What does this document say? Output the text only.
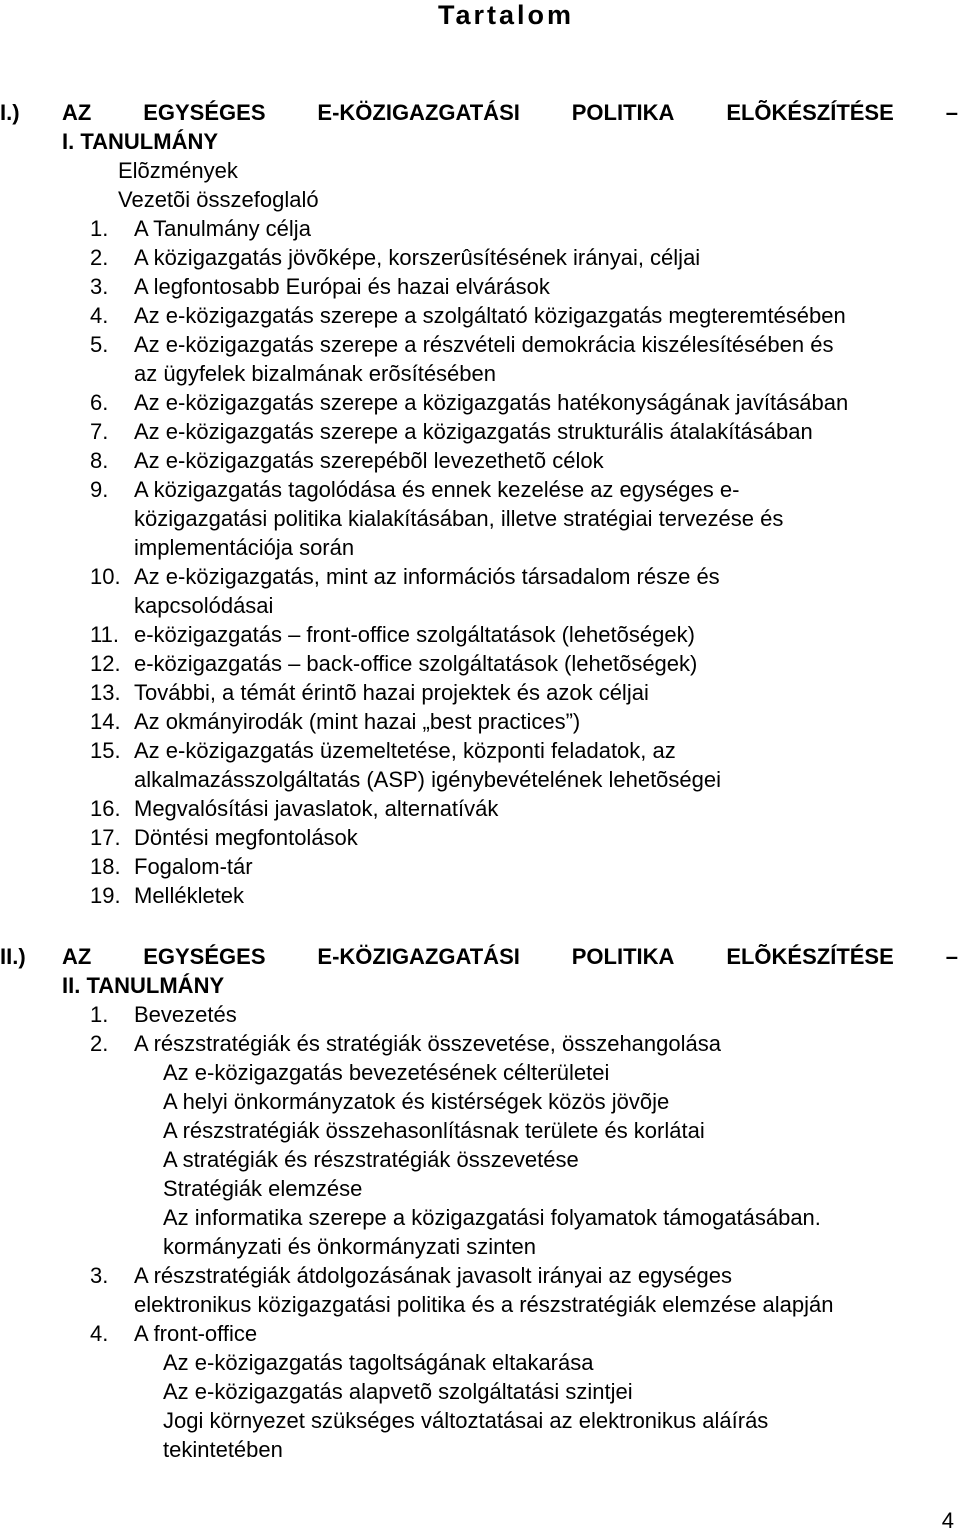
Tartalom
I.) AZ EGYSÉGES E-KÖZIGAZGATÁSI POLITIKA ELÕKÉSZÍTÉSE –
I. TANULMÁNY
Elõzmények
Vezetõi összefoglaló
1. A Tanulmány célja
2. A közigazgatás jövõképe, korszerûsítésének irányai, céljai
3. A legfontosabb Európai és hazai elvárások
4. Az e-közigazgatás szerepe a szolgáltató közigazgatás megteremtésében
5. Az e-közigazgatás szerepe a részvételi demokrácia kiszélesítésében és
az ügyfelek bizalmának erõsítésében
6. Az e-közigazgatás szerepe a közigazgatás hatékonyságának javításában
7. Az e-közigazgatás szerepe a közigazgatás strukturális átalakításában
8. Az e-közigazgatás szerepébõl levezethetõ célok
9. A közigazgatás tagolódása és ennek kezelése az egységes e-
közigazgatási politika kialakításában, illetve stratégiai tervezése és
implementációja során
10. Az e-közigazgatás, mint az információs társadalom része és
kapcsolódásai
11. e-közigazgatás – front-office szolgáltatások (lehetõségek)
12. e-közigazgatás – back-office szolgáltatások (lehetõségek)
13. További, a témát érintõ hazai projektek és azok céljai
14. Az okmányirodák (mint hazai „best practices”)
15. Az e-közigazgatás üzemeltetése, központi feladatok, az
alkalmazásszolgáltatás (ASP) igénybevételének lehetõségei
16. Megvalósítási javaslatok, alternatívák
17. Döntési megfontolások
18. Fogalom-tár
19. Mellékletek
II.) AZ EGYSÉGES E-KÖZIGAZGATÁSI POLITIKA ELÕKÉSZÍTÉSE –
II. TANULMÁNY
1. Bevezetés
2. A részstratégiák és stratégiák összevetése, összehangolása
Az e-közigazgatás bevezetésének célterületei
A helyi önkormányzatok és kistérségek közös jövõje
A részstratégiák összehasonlításnak területe és korlátai
A stratégiák és részstratégiák összevetése
Stratégiák elemzése
Az informatika szerepe a közigazgatási folyamatok támogatásában.
kormányzati és önkormányzati szinten
3. A részstratégiák átdolgozásának javasolt irányai az egységes
elektronikus közigazgatási politika és a részstratégiák elemzése alapján
4. A front-office
Az e-közigazgatás tagoltságának eltakarása
Az e-közigazgatás alapvetõ szolgáltatási szintjei
Jogi környezet szükséges változtatásai az elektronikus aláírás
tekintetében
4
